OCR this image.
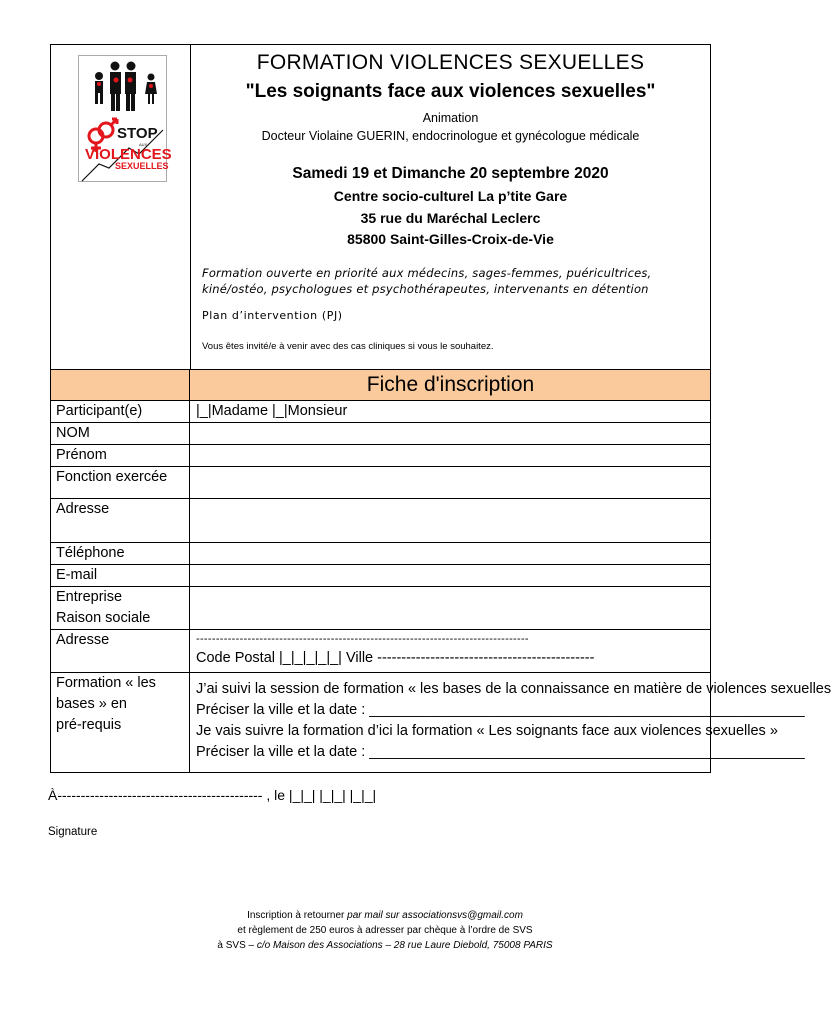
STOP
AUX
VIOLENCES
SEXUELLES
FORMATION VIOLENCES SEXUELLES
"Les soignants face aux violences sexuelles"
Animation
Docteur Violaine GUERIN, endocrinologue et gynécologue médicale
Samedi 19 et Dimanche 20 septembre 2020
Centre socio-culturel La p’tite Gare
35 rue du Maréchal Leclerc
85800 Saint-Gilles-Croix-de-Vie
Formation ouverte en priorité aux médecins, sages-femmes, puéricultrices,
kiné/ostéo, psychologues et psychothérapeutes, intervenants en détention
Plan d’intervention (PJ)
Vous êtes invité/e à venir avec des cas cliniques si vous le souhaitez.
Fiche d'inscription
Participant(e)	|_|Madame |_|Monsieur
NOM
Prénom
Fonction exercée
Adresse
Téléphone
E-mail
Entreprise
Raison sociale
Adresse	------------------------------------------------------------------------------------
Code Postal |_|_|_|_|_| Ville ---------------------------------------------
Formation « les
bases » en
pré-requis
J’ai suivi la session de formation « les bases de la connaissance en matière de violences sexuelles
Préciser la ville et la date : ______________________________________________________
Je vais suivre la formation d’ici la formation « Les soignants face aux violences sexuelles »
Préciser la ville et la date : ______________________________________________________
À-------------------------------------------- , le |_|_| |_|_| |_|_|
Signature
Inscription à retourner par mail sur associationsvs@gmail.com
et règlement de 250 euros à adresser par chèque à l’ordre de SVS
à SVS – c/o Maison des Associations – 28 rue Laure Diebold, 75008 PARIS
